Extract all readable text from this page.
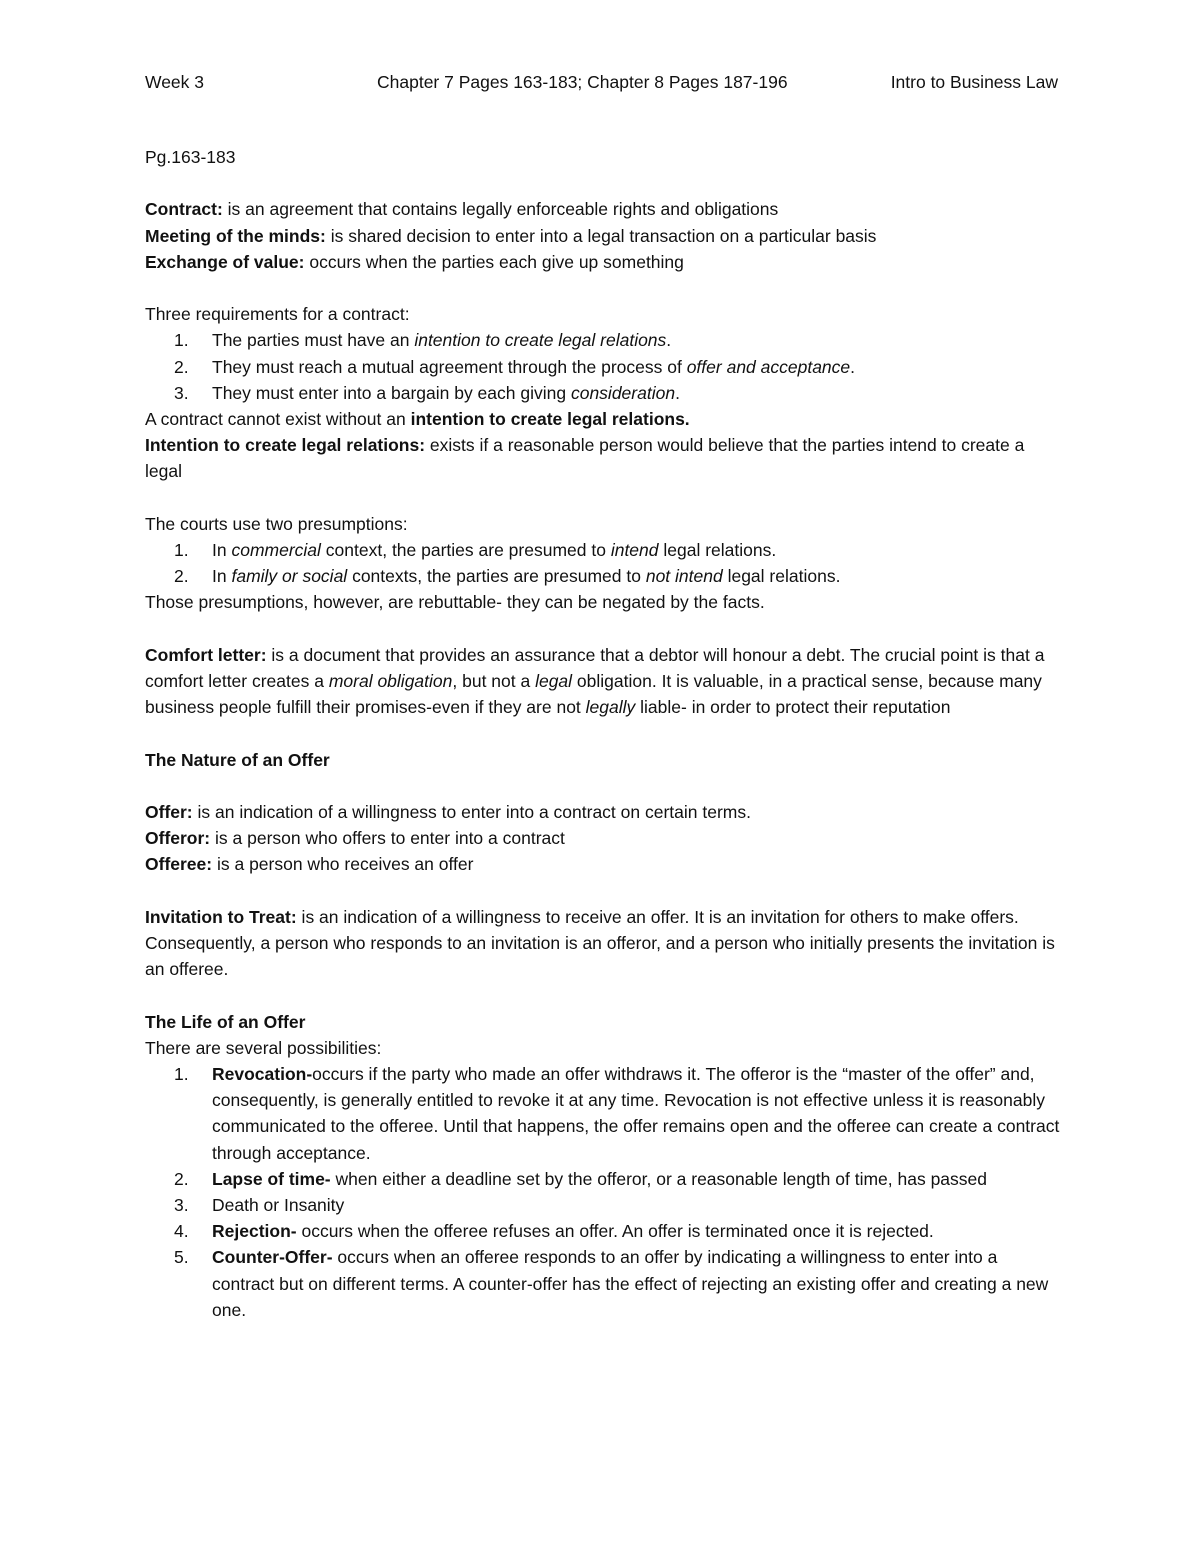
Week 3	Chapter 7 Pages 163-183; Chapter 8 Pages 187-196	Intro to Business Law

Pg.163-183

Contract: is an agreement that contains legally enforceable rights and obligations

Meeting of the minds: is shared decision to enter into a legal transaction on a particular basis

Exchange of value: occurs when the parties each give up something

Three requirements for a contract:

1. The parties must have an intention to create legal relations.
2. They must reach a mutual agreement through the process of offer and acceptance.
3. They must enter into a bargain by each giving consideration.

A contract cannot exist without an intention to create legal relations.

Intention to create legal relations: exists if a reasonable person would believe that the parties intend to create a legal

The courts use two presumptions:

1. In commercial context, the parties are presumed to intend legal relations.
2. In family or social contexts, the parties are presumed to not intend legal relations.

Those presumptions, however, are rebuttable- they can be negated by the facts.

Comfort letter: is a document that provides an assurance that a debtor will honour a debt. The crucial point is that a comfort letter creates a moral obligation, but not a legal obligation. It is valuable, in a practical sense, because many business people fulfill their promises-even if they are not legally liable- in order to protect their reputation

The Nature of an Offer

Offer: is an indication of a willingness to enter into a contract on certain terms.

Offeror: is a person who offers to enter into a contract

Offeree: is a person who receives an offer

Invitation to Treat: is an indication of a willingness to receive an offer. It is an invitation for others to make offers. Consequently, a person who responds to an invitation is an offeror, and a person who initially presents the invitation is an offeree.

The Life of an Offer

There are several possibilities:

1. Revocation-occurs if the party who made an offer withdraws it. The offeror is the “master of the offer” and, consequently, is generally entitled to revoke it at any time. Revocation is not effective unless it is reasonably communicated to the offeree. Until that happens, the offer remains open and the offeree can create a contract through acceptance.
2. Lapse of time- when either a deadline set by the offeror, or a reasonable length of time, has passed
3. Death or Insanity
4. Rejection- occurs when the offeree refuses an offer. An offer is terminated once it is rejected.
5. Counter-Offer- occurs when an offeree responds to an offer by indicating a willingness to enter into a contract but on different terms. A counter-offer has the effect of rejecting an existing offer and creating a new one.
